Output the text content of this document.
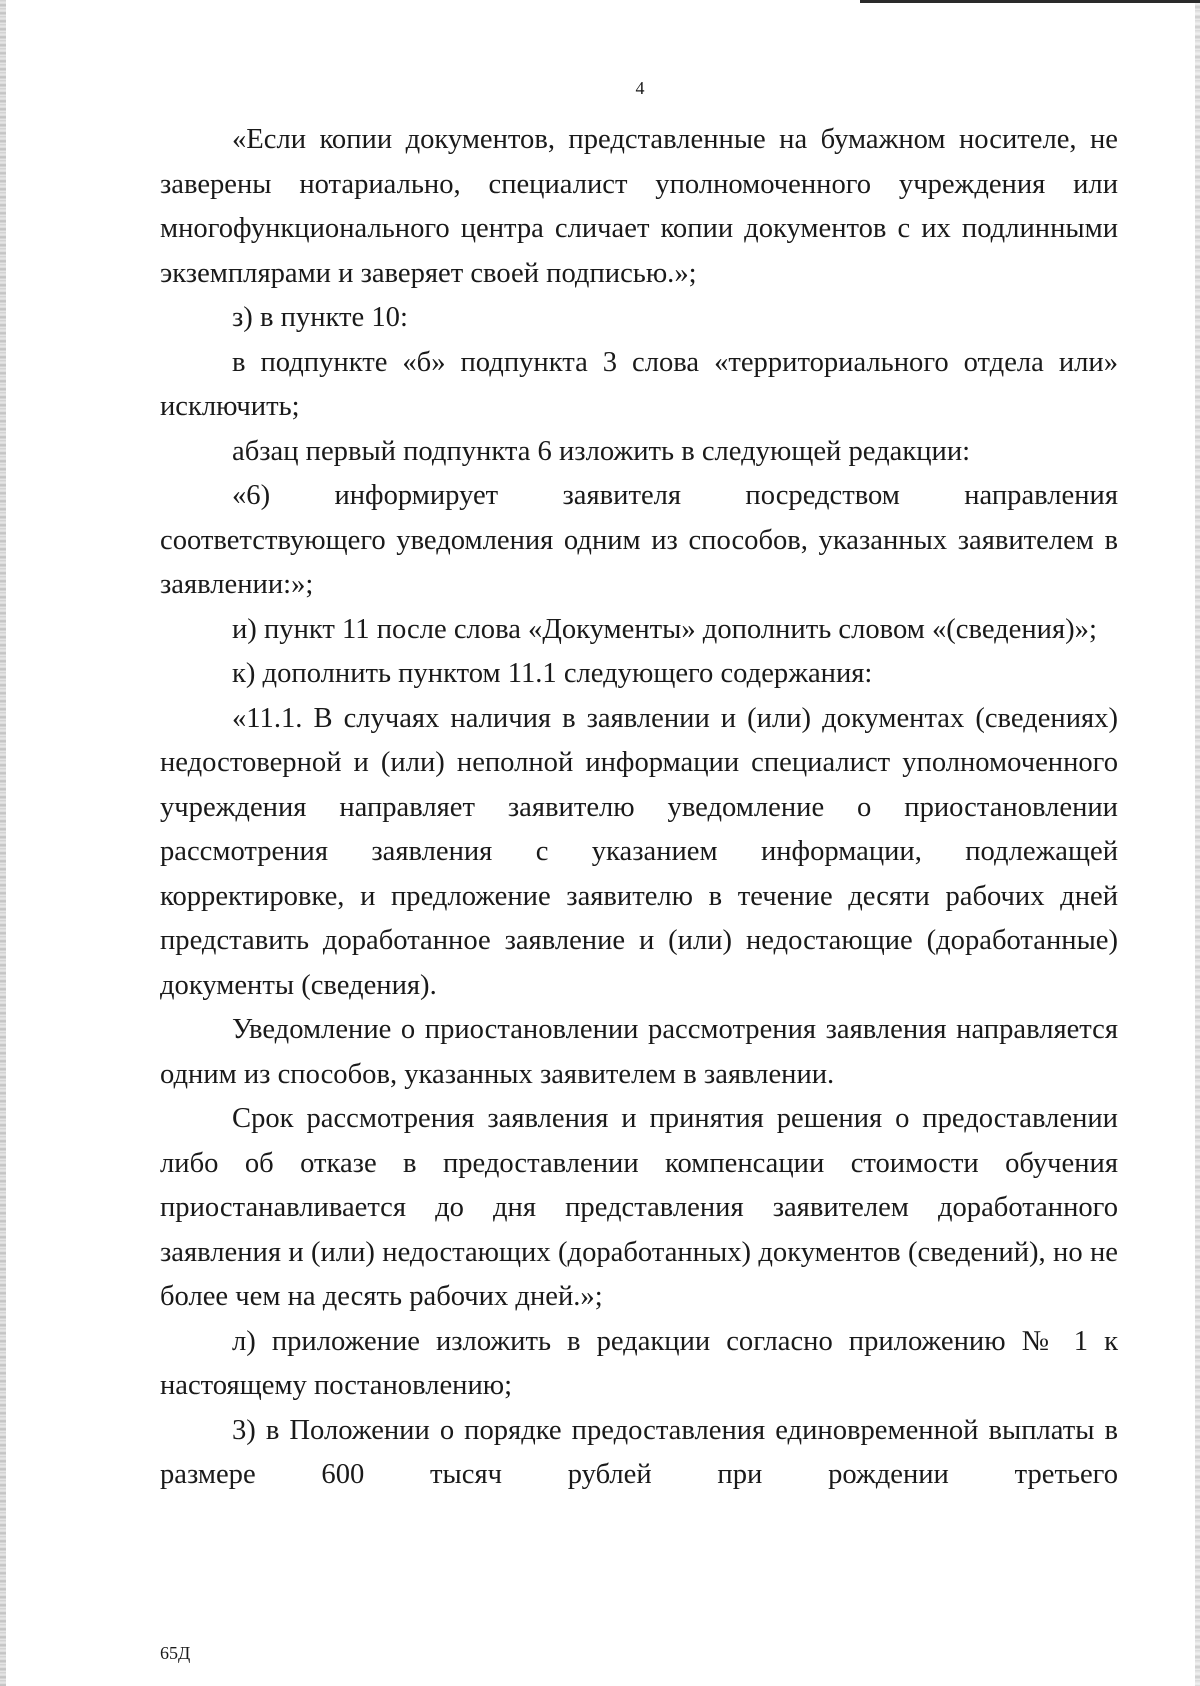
4

«Если копии документов, представленные на бумажном носителе, не заверены нотариально, специалист уполномоченного учреждения или многофункционального центра сличает копии документов с их подлинными экземплярами и заверяет своей подписью.»;

з) в пункте 10:

в подпункте «б» подпункта 3 слова «территориального отдела или» исключить;

абзац первый подпункта 6 изложить в следующей редакции:

«6) информирует заявителя посредством направления соответствующего уведомления одним из способов, указанных заявителем в заявлении:»;

и) пункт 11 после слова «Документы» дополнить словом «(сведения)»;

к) дополнить пунктом 11.1 следующего содержания:

«11.1. В случаях наличия в заявлении и (или) документах (сведениях) недостоверной и (или) неполной информации специалист уполномоченного учреждения направляет заявителю уведомление о приостановлении рассмотрения заявления с указанием информации, подлежащей корректировке, и предложение заявителю в течение десяти рабочих дней представить доработанное заявление и (или) недостающие (доработанные) документы (сведения).

Уведомление о приостановлении рассмотрения заявления направляется одним из способов, указанных заявителем в заявлении.

Срок рассмотрения заявления и принятия решения о предоставлении либо об отказе в предоставлении компенсации стоимости обучения приостанавливается до дня представления заявителем доработанного заявления и (или) недостающих (доработанных) документов (сведений), но не более чем на десять рабочих дней.»;

л) приложение изложить в редакции согласно приложению № 1 к настоящему постановлению;

3) в Положении о порядке предоставления единовременной выплаты в размере 600 тысяч рублей при рождении третьего

65Д
